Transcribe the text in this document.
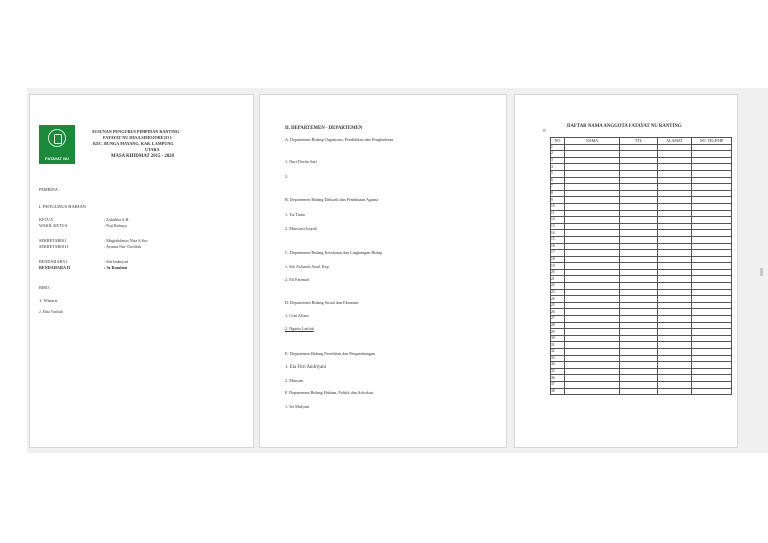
FATAYAT NU
SUSUNAN PENGURUS PIMPINAN RANTING
FATAYAT NU DESA SIMOJOREJO I
KEC. BUNGA MAYANG, KAB. LAMPUNG
UTARA
MASA KHIDMAT 2015 - 2020
PEMBINA :
I. PENGURUS HARIAN
KETUA	: Zulaikha S.H
WAKIL KETUA	: Puji Rahayu
SEKRETARIS I	: Mugiahdatun Nisa S.Sos
SEKRETARIS II	: Ayuma Nur Cholifah
BENDAHARA I	: Siti Indaryati
BENDAHARA II	: Sz Romlani
BIRO :
1. Winarti
2. Eliza Yuslisah
II. DEPARTEMEN - DEPARTEMEN
A. Departemen Bidang Organisasi, Pendidikan dan Pengkaderan
1. Nuri Davita Sari
2.
B. Departemen Bidang Dakwah dan Pembinaan Agama
1. Tia Tania
2. Marwarti Isayah
C. Departemen Bidang Kesehatan dan Lingkungan Hidup
1. Siti Asfiaroh Amd. Kep
2. Eli Fatimah
D. Departemen Bidang Sosial dan Ekonomi
1. Ceni Afiani
2. Ngatin Latifah
E. Departemen Bidang Penelitian dan Pengembangan
1. Ela Fitri Andriyani
2. Maryam
F. Departemen Bidang Hukum, Politik dan Advokasi
1. Sri Mulyani
DAFTAR NAMA ANGGOTA FATAYAT NU RANTING
⊕
NO	NAMA	TTL	ALAMAT	NO. TELP/HP
1				
2				
3				
4				
5				
6				
7				
8				
9				
10				
11				
12				
13				
14				
15				
16				
17				
18				
19				
20				
21				
22				
23				
24				
25				
26				
27				
28				
29				
30				
31				
32				
33				
34				
35				
36				
37				
38				
